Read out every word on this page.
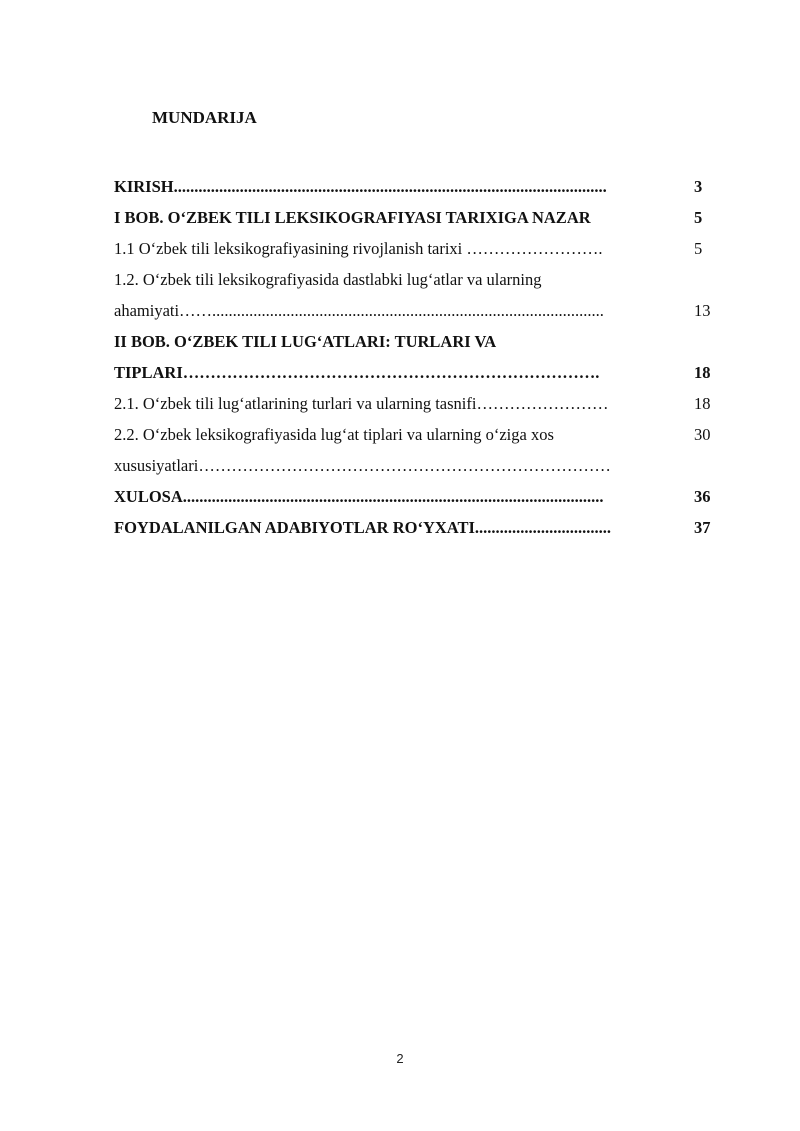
MUNDARIJA
KIRISH.........................................................................................................	3
I BOB. O‘ZBEK TILI LEKSIKOGRAFIYASI TARIXIGA NAZAR	5
1.1 O‘zbek tili leksikografiyasining rivojlanish tarixi …………………….	5
1.2. O‘zbek tili leksikografiyasida dastlabki lug‘atlar va ularning
ahamiyati……...............................................................................................	13
II BOB. O‘ZBEK TILI LUG‘ATLARI: TURLARI VA
TIPLARI………………………………………………………………….	18
2.1. O‘zbek tili lug‘atlarining turlari va ularning tasnifi……………………	18
2.2. O‘zbek leksikografiyasida lug‘at tiplari va ularning o‘ziga xos	30
xususiyatlari…………………………………………………………………
XULOSA......................................................................................................	36
FOYDALANILGAN ADABIYOTLAR RO‘YXATI.................................	37
2
